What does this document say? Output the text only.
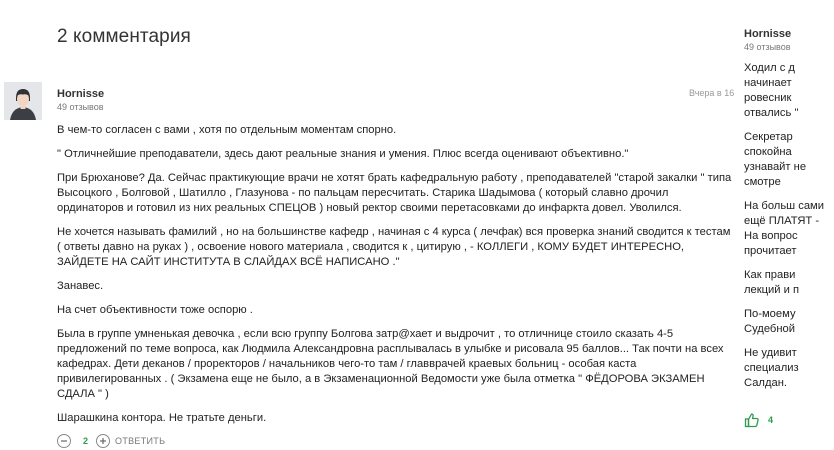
2 комментария
Hornisse
49 отзывов
Вчера в 16

В чем-то согласен с вами , хотя по отдельным моментам спорно.

" Отличнейшие преподаватели, здесь дают реальные знания и умения. Плюс всегда оценивают объективно."

При Брюханове? Да. Сейчас практикующие врачи не хотят брать кафедральную работу , преподавателей "старой закалки " типа Высоцкого , Болговой , Шатилло , Глазунова - по пальцам пересчитать. Старика Шадымова ( который славно дрочил ординаторов и готовил из них реальных СПЕЦОВ ) новый ректор своими перетасовками до инфаркта довел. Уволился.

Не хочется называть фамилий , но на большинстве кафедр , начиная с 4 курса ( лечфак) вся проверка знаний сводится к тестам ( ответы давно на руках ) , освоение нового материала , сводится к , цитирую , - КОЛЛЕГИ , КОМУ БУДЕТ ИНТЕРЕСНО, ЗАЙДЕТЕ НА САЙТ ИНСТИТУТА В СЛАЙДАХ ВСЁ НАПИСАНО ."

Занавес.

На счет объективности тоже оспорю .

Была в группе умненькая девочка , если всю группу Болгова затр@хает и выдрочит , то отличнице стоило сказать 4-5 предложений по теме вопроса, как Людмила Александровна расплывалась в улыбке и рисовала 95 баллов... Так почти на всех кафедрах. Дети деканов / проректоров / начальников чего-то там / главврачей краевых больниц - особая каста привилегированных . ( Экзамена еще не было, а в Экзаменационной Ведомости уже была отметка " ФЁДОРОВА ЭКЗАМЕН СДАЛА " )

Шарашкина контора. Не тратьте деньги.

2	ОТВЕТИТЬ
Hornisse
49 отзывов

Ходил с д начинает ровесник отвались "

Секретар спокойна узнавайт не смотре

На больш сами ещё ПЛАТЯТ - На вопрос прочитает

Как прави лекций и п

По-моему Судебной

Не удивит специализ Салдан.

4
